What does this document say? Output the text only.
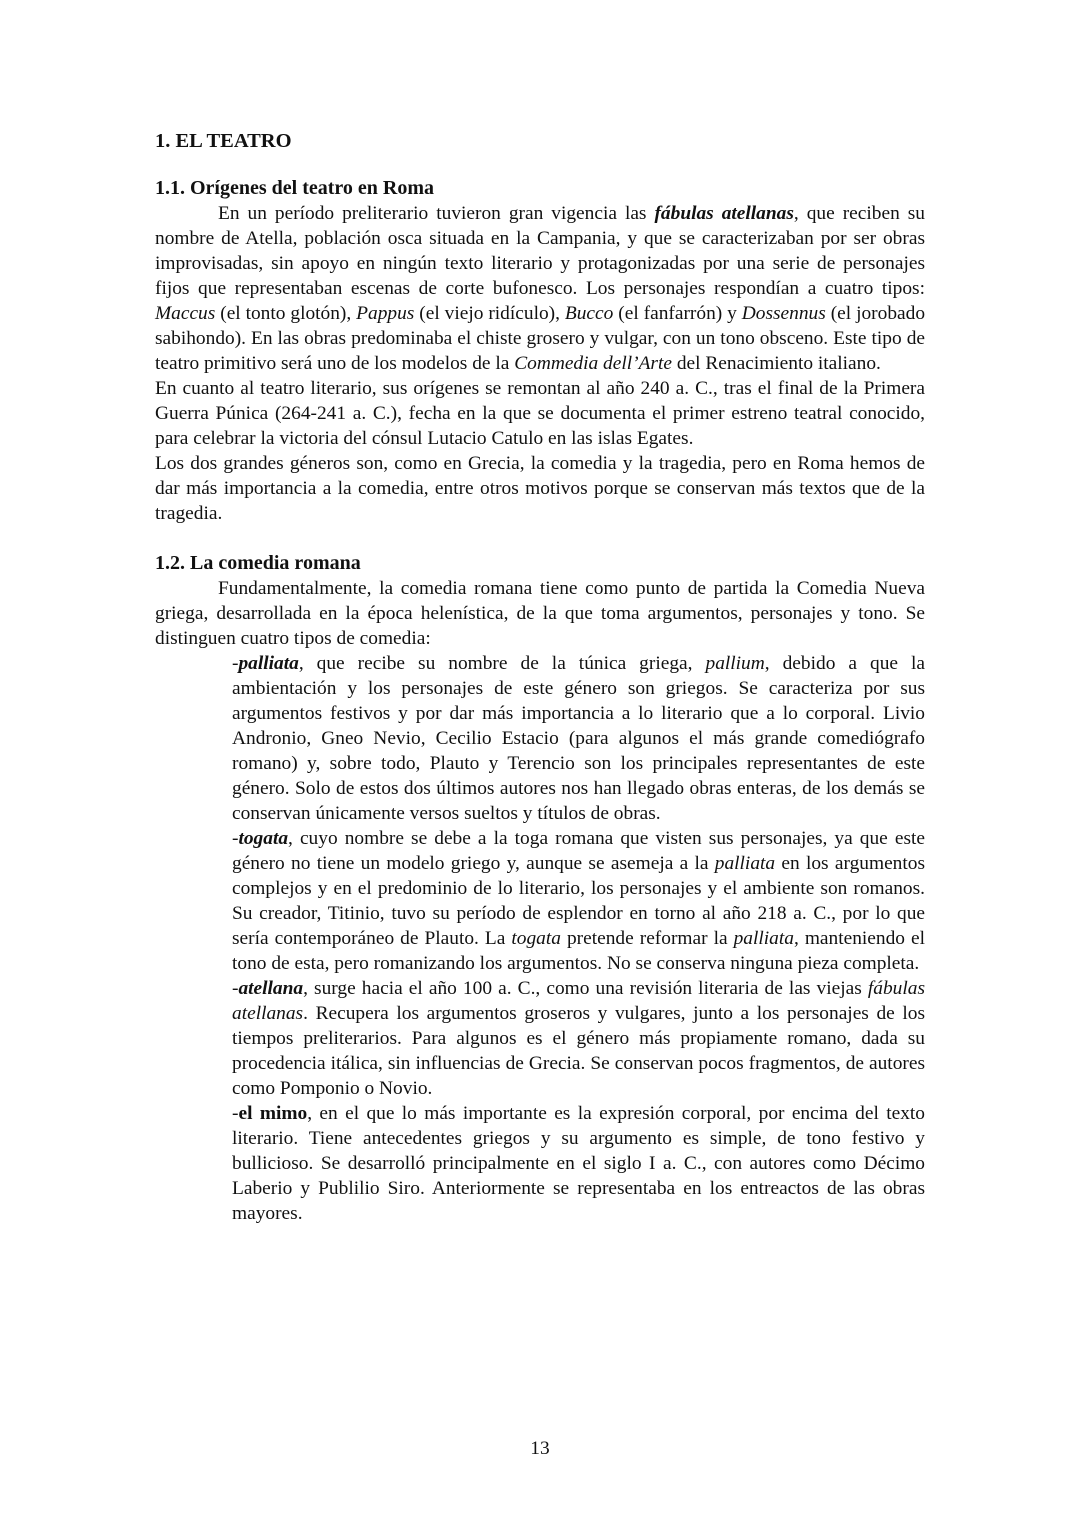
1. EL TEATRO
1.1. Orígenes del teatro en Roma

En un período preliterario tuvieron gran vigencia las fábulas atellanas, que reciben su nombre de Atella, población osca situada en la Campania, y que se caracterizaban por ser obras improvisadas, sin apoyo en ningún texto literario y protagonizadas por una serie de personajes fijos que representaban escenas de corte bufonesco. Los personajes respondían a cuatro tipos: Maccus (el tonto glotón), Pappus (el viejo ridículo), Bucco (el fanfarrón) y Dossennus (el jorobado sabihondo). En las obras predominaba el chiste grosero y vulgar, con un tono obsceno. Este tipo de teatro primitivo será uno de los modelos de la Commedia dell’Arte del Renacimiento italiano.

En cuanto al teatro literario, sus orígenes se remontan al año 240 a. C., tras el final de la Primera Guerra Púnica (264-241 a. C.), fecha en la que se documenta el primer estreno teatral conocido, para celebrar la victoria del cónsul Lutacio Catulo en las islas Egates.

Los dos grandes géneros son, como en Grecia, la comedia y la tragedia, pero en Roma hemos de dar más importancia a la comedia, entre otros motivos porque se conservan más textos que de la tragedia.

1.2. La comedia romana

Fundamentalmente, la comedia romana tiene como punto de partida la Comedia Nueva griega, desarrollada en la época helenística, de la que toma argumentos, personajes y tono. Se distinguen cuatro tipos de comedia:

-palliata, que recibe su nombre de la túnica griega, pallium, debido a que la ambientación y los personajes de este género son griegos. Se caracteriza por sus argumentos festivos y por dar más importancia a lo literario que a lo corporal. Livio Andronio, Gneo Nevio, Cecilio Estacio (para algunos el más grande comediógrafo romano) y, sobre todo, Plauto y Terencio son los principales representantes de este género. Solo de estos dos últimos autores nos han llegado obras enteras, de los demás se conservan únicamente versos sueltos y títulos de obras.

-togata, cuyo nombre se debe a la toga romana que visten sus personajes, ya que este género no tiene un modelo griego y, aunque se asemeja a la palliata en los argumentos complejos y en el predominio de lo literario, los personajes y el ambiente son romanos. Su creador, Titinio, tuvo su período de esplendor en torno al año 218 a. C., por lo que sería contemporáneo de Plauto. La togata pretende reformar la palliata, manteniendo el tono de esta, pero romanizando los argumentos. No se conserva ninguna pieza completa.

-atellana, surge hacia el año 100 a. C., como una revisión literaria de las viejas fábulas atellanas. Recupera los argumentos groseros y vulgares, junto a los personajes de los tiempos preliterarios. Para algunos es el género más propiamente romano, dada su procedencia itálica, sin influencias de Grecia. Se conservan pocos fragmentos, de autores como Pomponio o Novio.

-el mimo, en el que lo más importante es la expresión corporal, por encima del texto literario. Tiene antecedentes griegos y su argumento es simple, de tono festivo y bullicioso. Se desarrolló principalmente en el siglo I a. C., con autores como Décimo Laberio y Publilio Siro. Anteriormente se representaba en los entreactos de las obras mayores.

13
